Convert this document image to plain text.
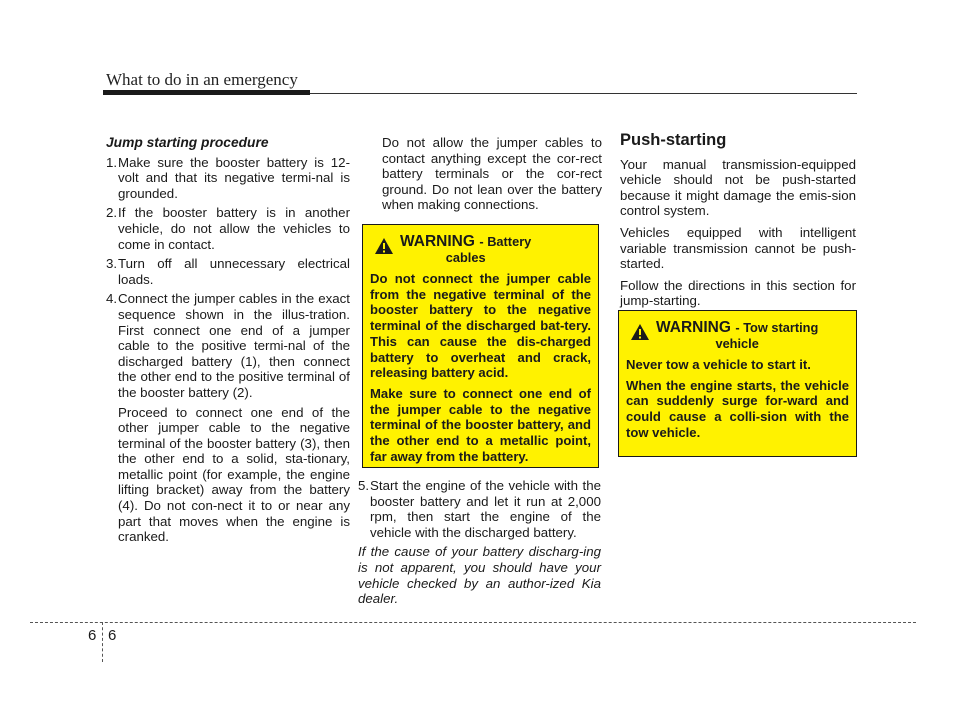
What to do in an emergency

Jump starting procedure

1. Make sure the booster battery is 12-volt and that its negative termi-nal is grounded.
2. If the booster battery is in another vehicle, do not allow the vehicles to come in contact.
3. Turn off all unnecessary electrical loads.
4. Connect the jumper cables in the exact sequence shown in the illus-tration. First connect one end of a jumper cable to the positive termi-nal of the discharged battery (1), then connect the other end to the positive terminal of the booster battery (2).

Proceed to connect one end of the other jumper cable to the negative terminal of the booster battery (3), then the other end to a solid, sta-tionary, metallic point (for example, the engine lifting bracket) away from the battery (4). Do not con-nect it to or near any part that moves when the engine is cranked.

Do not allow the jumper cables to contact anything except the cor-rect battery terminals or the cor-rect ground. Do not lean over the battery when making connections.

WARNING - Battery
cables

Do not connect the jumper cable from the negative terminal of the booster battery to the negative terminal of the discharged bat-tery. This can cause the dis-charged battery to overheat and crack, releasing battery acid.

Make sure to connect one end of the jumper cable to the negative terminal of the booster battery, and the other end to a metallic point, far away from the battery.

5. Start the engine of the vehicle with the booster battery and let it run at 2,000 rpm, then start the engine of the vehicle with the discharged battery.

If the cause of your battery discharg-ing is not apparent, you should have your vehicle checked by an author-ized Kia dealer.

Push-starting

Your manual transmission-equipped vehicle should not be push-started because it might damage the emis-sion control system.

Vehicles equipped with intelligent variable transmission cannot be push-started.

Follow the directions in this section for jump-starting.

WARNING - Tow starting
vehicle

Never tow a vehicle to start it.

When the engine starts, the vehicle can suddenly surge for-ward and could cause a colli-sion with the tow vehicle.

6 6
